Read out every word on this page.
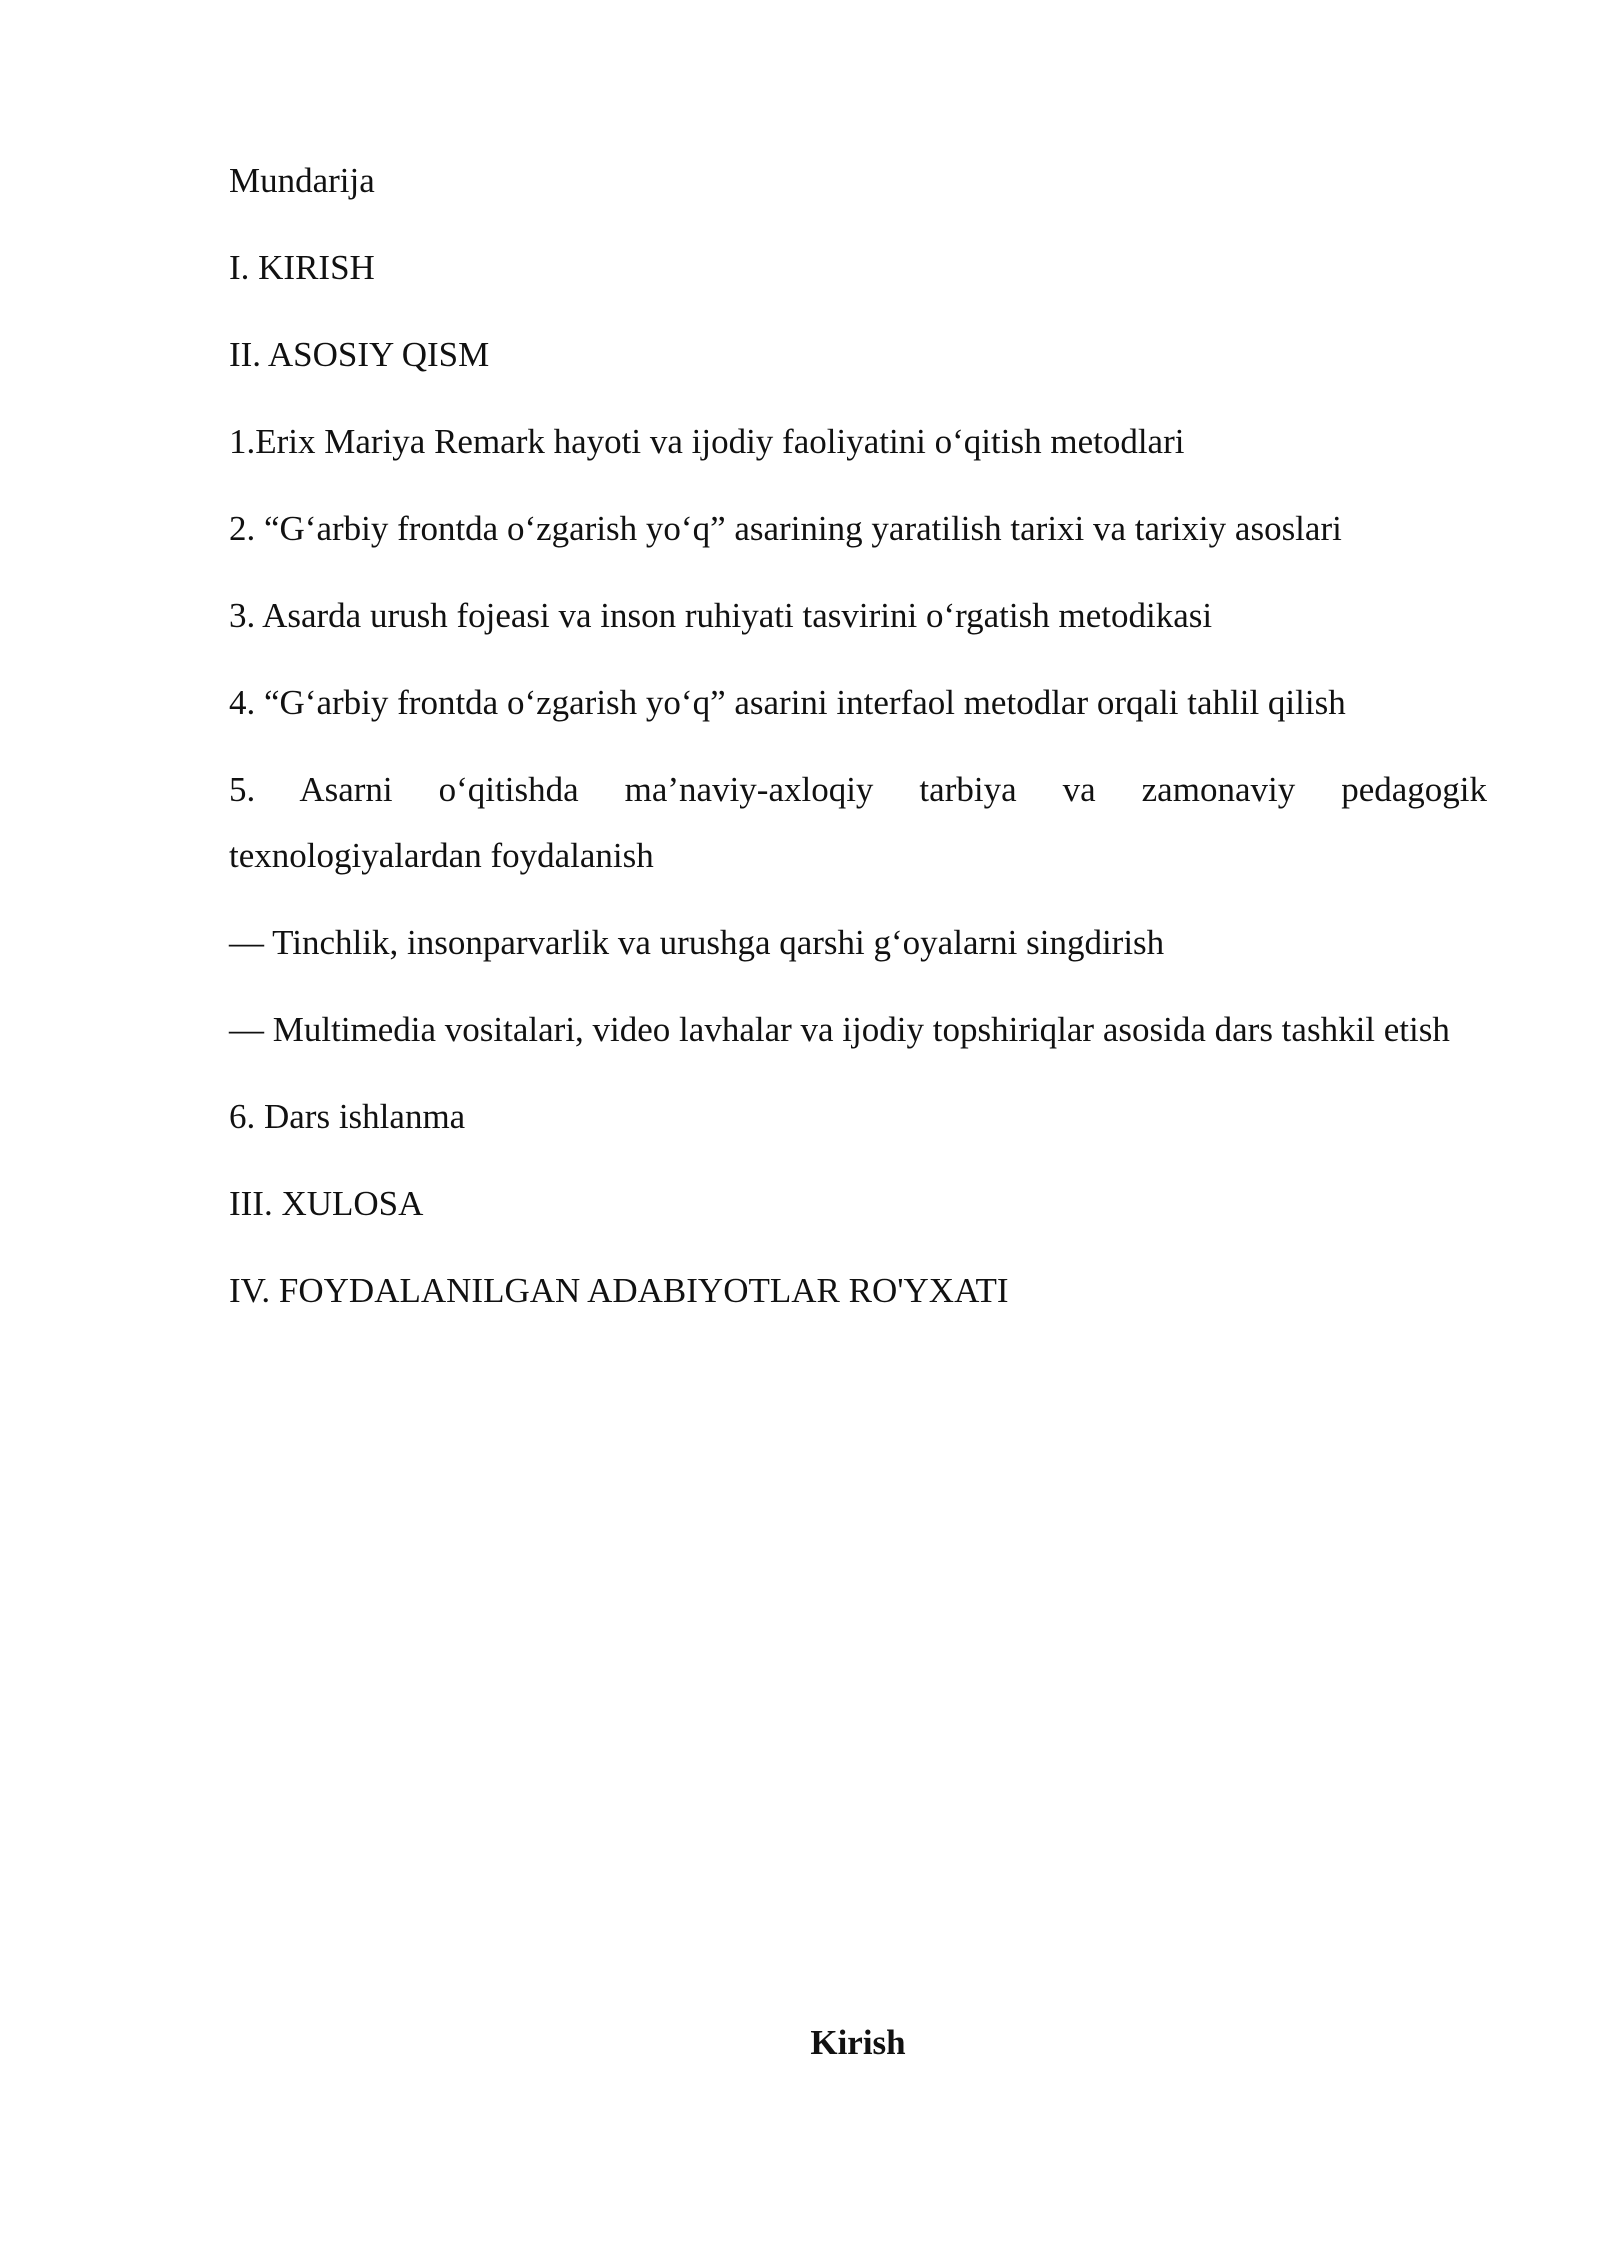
Mundarija

I. KIRISH

II. ASOSIY QISM

1.Erix Mariya Remark hayoti va ijodiy faoliyatini o‘qitish metodlari

2. “G‘arbiy frontda o‘zgarish yo‘q” asarining yaratilish tarixi va tarixiy asoslari

3. Asarda urush fojeasi va inson ruhiyati tasvirini o‘rgatish metodikasi

4. “G‘arbiy frontda o‘zgarish yo‘q” asarini interfaol metodlar orqali tahlil qilish

5. Asarni o‘qitishda ma’naviy-axloqiy tarbiya va zamonaviy pedagogik texnologiyalardan foydalanish

— Tinchlik, insonparvarlik va urushga qarshi g‘oyalarni singdirish

— Multimedia vositalari, video lavhalar va ijodiy topshiriqlar asosida dars tashkil etish

6. Dars ishlanma

III. XULOSA

IV. FOYDALANILGAN ADABIYOTLAR RO'YXATI

Kirish
